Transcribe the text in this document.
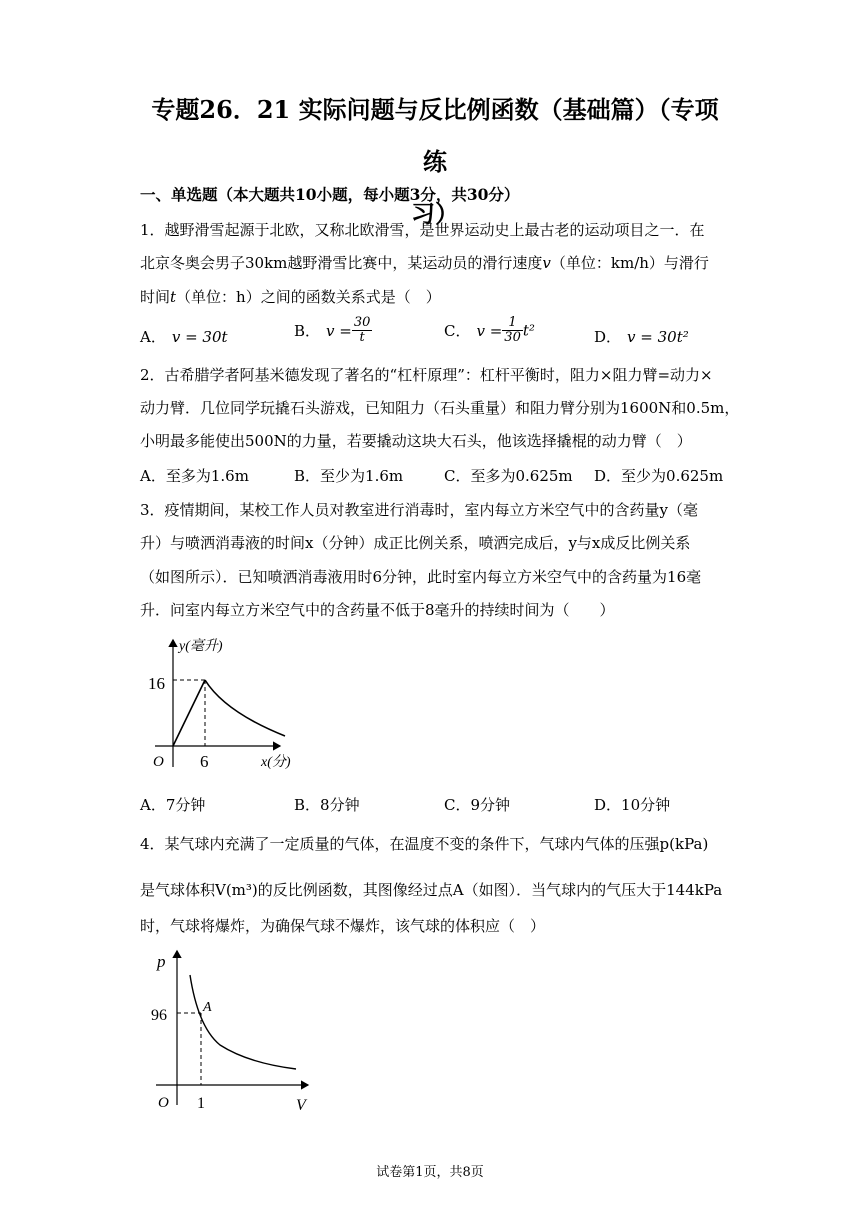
专题26．21 实际问题与反比例函数（基础篇）（专项练
习）
一、单选题（本大题共10小题，每小题3分，共30分）
1．越野滑雪起源于北欧，又称北欧滑雪，是世界运动史上最古老的运动项目之一．在
北京冬奥会男子30km越野滑雪比赛中，某运动员的滑行速度v（单位：km/h）与滑行
时间t（单位：h）之间的函数关系式是（　）
A． v = 30t	B． $v = \frac{30}{t}$	C． $v = \frac{1}{30} t^2$	D． v = 30t²
2．古希腊学者阿基米德发现了著名的“杠杆原理”：杠杆平衡时，阻力×阻力臂=动力×
动力臂．几位同学玩撬石头游戏，已知阻力（石头重量）和阻力臂分别为1600N和0.5m，
小明最多能使出500N的力量，若要撬动这块大石头，他该选择撬棍的动力臂（　）
A．至多为1.6m	B．至少为1.6m	C．至多为0.625m D．至少为0.625m
3．疫情期间，某校工作人员对教室进行消毒时，室内每立方米空气中的含药量y（毫
升）与喷洒消毒液的时间x（分钟）成正比例关系，喷洒完成后，y与x成反比例关系
（如图所示）．已知喷洒消毒液用时6分钟，此时室内每立方米空气中的含药量为16毫
升．问室内每立方米空气中的含药量不低于8毫升的持续时间为（　　）
y(毫升)
x(分)
O
16
6
A．7分钟	B．8分钟	C．9分钟	D．10分钟
4．某气球内充满了一定质量的气体，在温度不变的条件下，气球内气体的压强p(kPa)
是气球体积V(m³)的反比例函数，其图像经过点A（如图）．当气球内的气压大于144kPa
时，气球将爆炸，为确保气球不爆炸，该气球的体积应（　）
p
V
O
96
1
A
试卷第1页，共8页
